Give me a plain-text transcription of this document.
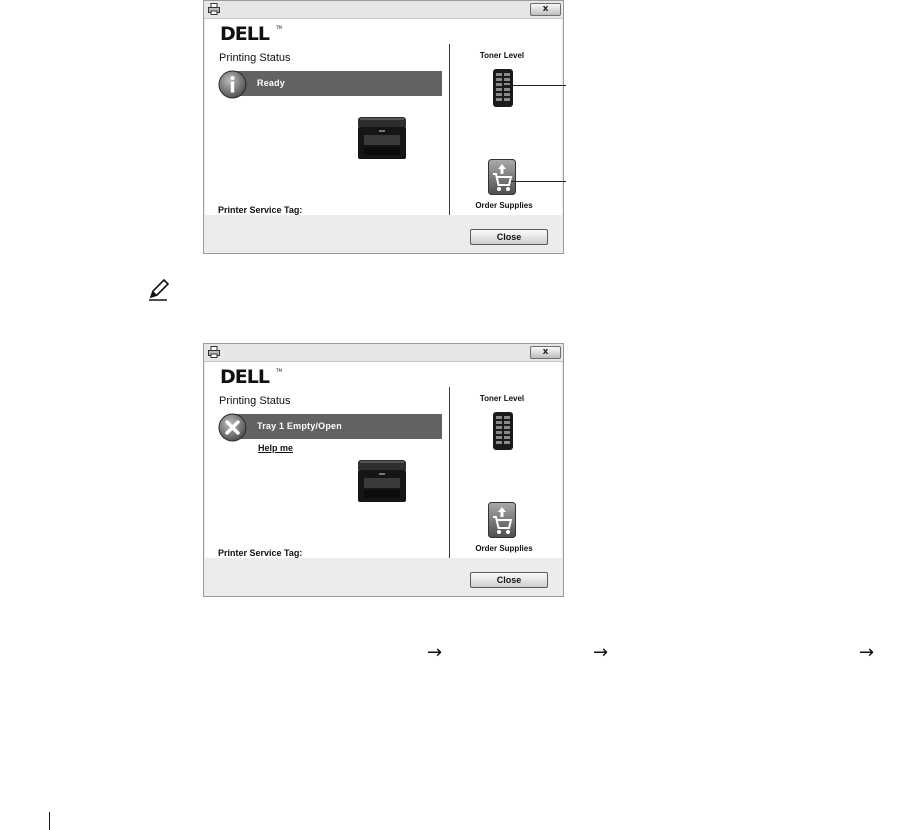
x
DELL TM
Printing Status
Ready
Printer Service Tag:
Toner Level
Order Supplies
Close
x
DELL TM
Printing Status
Tray 1 Empty/Open
Help me
Printer Service Tag:
Toner Level
Order Supplies
Close
→	→	→
